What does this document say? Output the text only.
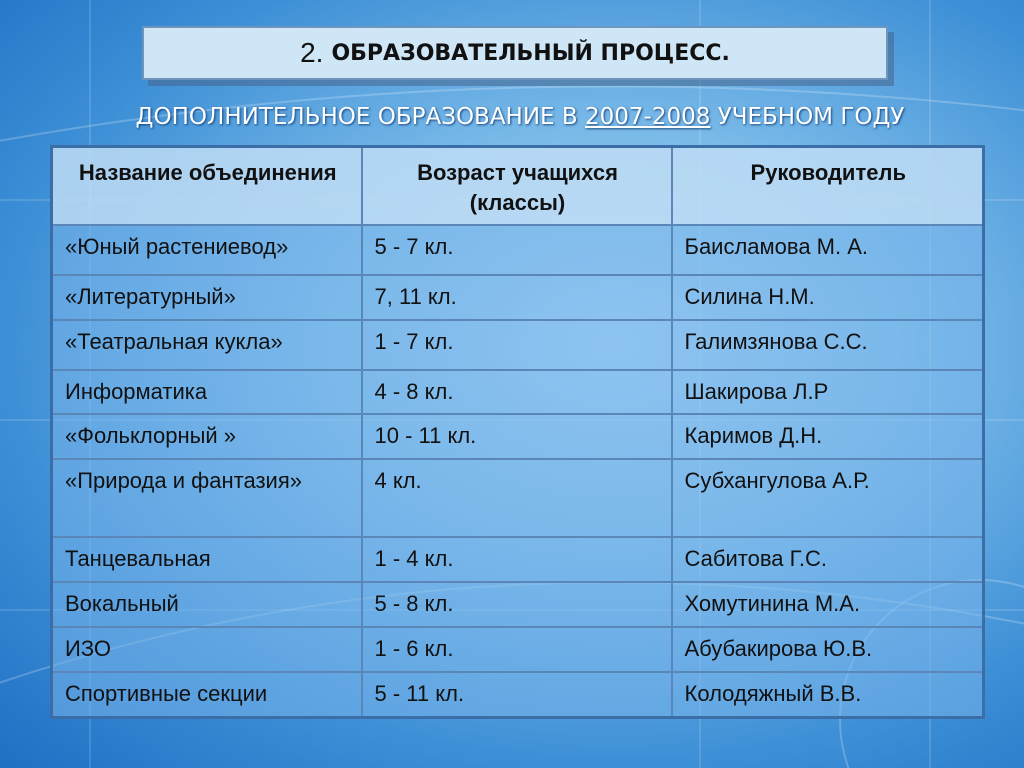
2. ОБРАЗОВАТЕЛЬНЫЙ ПРОЦЕСС.
ДОПОЛНИТЕЛЬНОЕ ОБРАЗОВАНИЕ В 2007-2008 УЧЕБНОМ ГОДУ
Название объединения	Возраст учащихся (классы)	Руководитель
«Юный растениевод»	5 - 7 кл.	Баисламова М. А.
«Литературный»	7, 11 кл.	Силина Н.М.
«Театральная кукла»	1 - 7 кл.	Галимзянова С.С.
Информатика	4 - 8 кл.	Шакирова Л.Р
«Фольклорный »	10 - 11 кл.	Каримов Д.Н.
«Природа и фантазия»	4 кл.	Субхангулова А.Р.
Танцевальная	1 - 4 кл.	Сабитова Г.С.
Вокальный	5 - 8 кл.	Хомутинина М.А.
ИЗО	1 - 6 кл.	Абубакирова Ю.В.
Спортивные секции	5 - 11 кл.	Колодяжный В.В.
